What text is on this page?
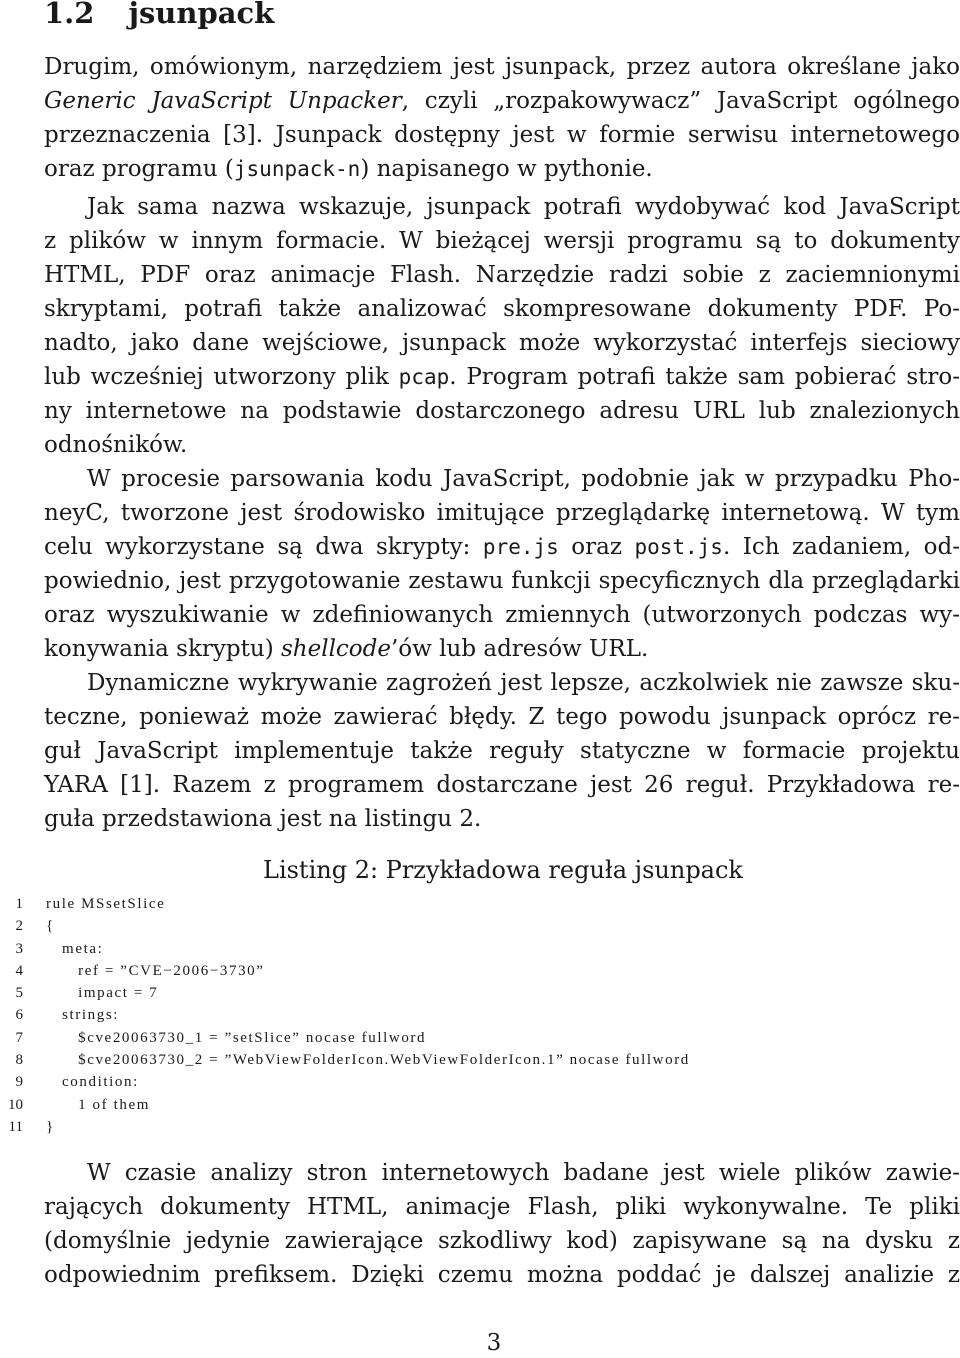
1.2 jsunpack
Drugim, omówionym, narzędziem jest jsunpack, przez autora określane jako
Generic JavaScript Unpacker, czyli „rozpakowywacz” JavaScript ogólnego
przeznaczenia [3]. Jsunpack dostępny jest w formie serwisu internetowego
oraz programu (jsunpack-n) napisanego w pythonie.
Jak sama nazwa wskazuje, jsunpack potrafi wydobywać kod JavaScript
z plików w innym formacie. W bieżącej wersji programu są to dokumenty
HTML, PDF oraz animacje Flash. Narzędzie radzi sobie z zaciemnionymi
skryptami, potrafi także analizować skompresowane dokumenty PDF. Po-
nadto, jako dane wejściowe, jsunpack może wykorzystać interfejs sieciowy
lub wcześniej utworzony plik pcap. Program potrafi także sam pobierać stro-
ny internetowe na podstawie dostarczonego adresu URL lub znalezionych
odnośników.
W procesie parsowania kodu JavaScript, podobnie jak w przypadku Pho-
neyC, tworzone jest środowisko imitujące przeglądarkę internetową. W tym
celu wykorzystane są dwa skrypty: pre.js oraz post.js. Ich zadaniem, od-
powiednio, jest przygotowanie zestawu funkcji specyficznych dla przeglądarki
oraz wyszukiwanie w zdefiniowanych zmiennych (utworzonych podczas wy-
konywania skryptu) shellcode’ów lub adresów URL.
Dynamiczne wykrywanie zagrożeń jest lepsze, aczkolwiek nie zawsze sku-
teczne, ponieważ może zawierać błędy. Z tego powodu jsunpack oprócz re-
guł JavaScript implementuje także reguły statyczne w formacie projektu
YARA [1]. Razem z programem dostarczane jest 26 reguł. Przykładowa re-
guła przedstawiona jest na listingu 2.
W czasie analizy stron internetowych badane jest wiele plików zawie-
rających dokumenty HTML, animacje Flash, pliki wykonywalne. Te pliki
(domyślnie jedynie zawierające szkodliwy kod) zapisywane są na dysku z
odpowiednim prefiksem. Dzięki czemu można poddać je dalszej analizie z

Listing 2: Przykładowa reguła jsunpack

1 rule MSsetSlice
2 {
3 meta:
4 ref = ”CVE−2006−3730”
5 impact = 7
6 strings:
7 $cve20063730_1 = ”setSlice” nocase fullword
8 $cve20063730_2 = ”WebViewFolderIcon.WebViewFolderIcon.1” nocase fullword
9 condition:
10 1 of them
11 }
3
